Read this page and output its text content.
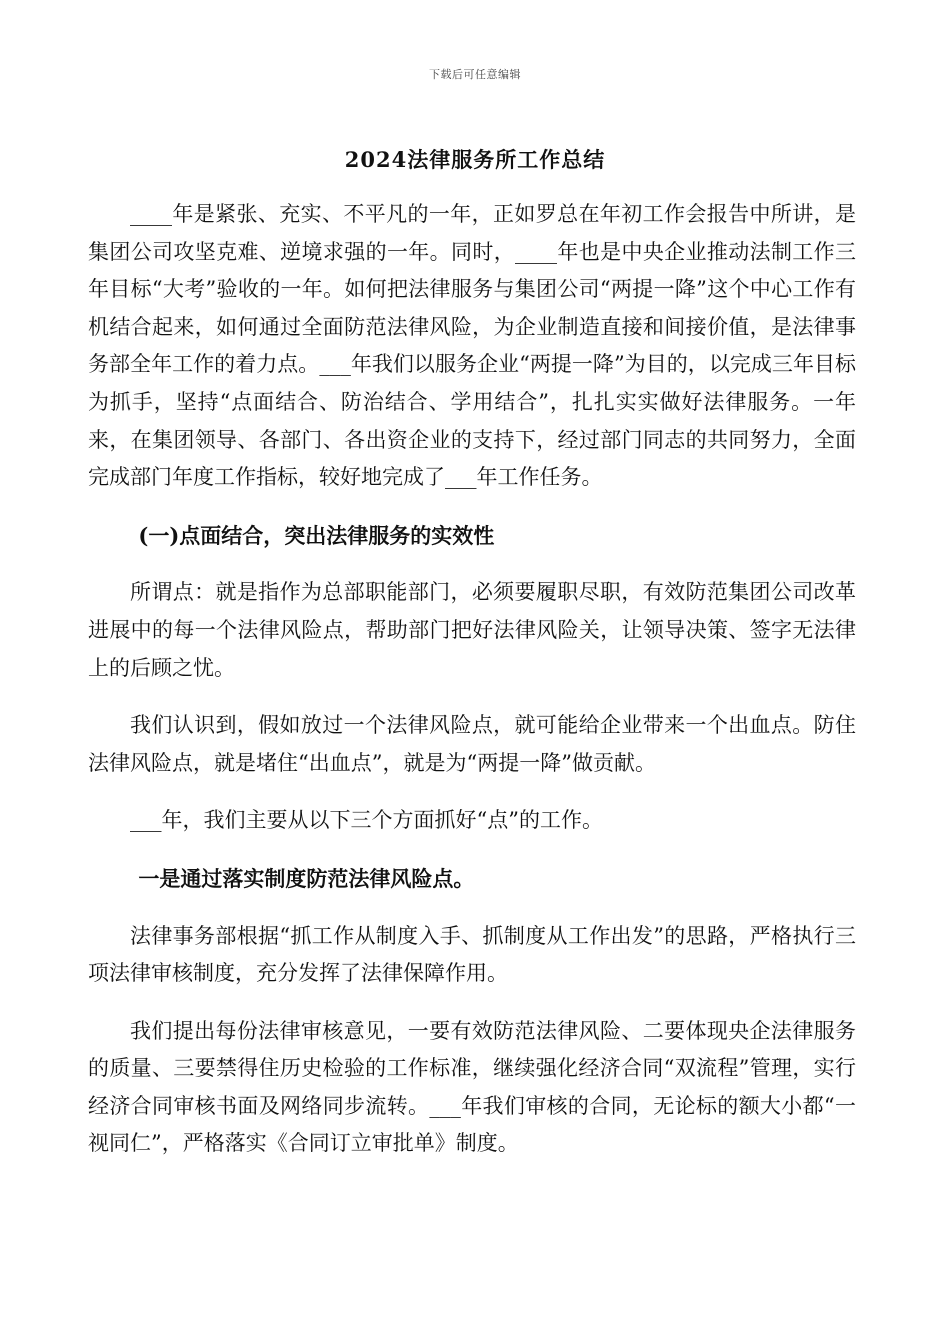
下载后可任意编辑
2024法律服务所工作总结

____年是紧张、充实、不平凡的一年，正如罗总在年初工作会报告中所讲，是集团公司攻坚克难、逆境求强的一年。同时，____年也是中央企业推动法制工作三年目标“大考”验收的一年。如何把法律服务与集团公司“两提一降”这个中心工作有机结合起来，如何通过全面防范法律风险，为企业制造直接和间接价值，是法律事务部全年工作的着力点。___年我们以服务企业“两提一降”为目的，以完成三年目标为抓手，坚持“点面结合、防治结合、学用结合”，扎扎实实做好法律服务。一年来，在集团领导、各部门、各出资企业的支持下，经过部门同志的共同努力，全面完成部门年度工作指标，较好地完成了___年工作任务。

(一)点面结合，突出法律服务的实效性

所谓点：就是指作为总部职能部门，必须要履职尽职，有效防范集团公司改革进展中的每一个法律风险点，帮助部门把好法律风险关，让领导决策、签字无法律上的后顾之忧。

我们认识到，假如放过一个法律风险点，就可能给企业带来一个出血点。防住法律风险点，就是堵住“出血点”，就是为“两提一降”做贡献。

___年，我们主要从以下三个方面抓好“点”的工作。

一是通过落实制度防范法律风险点。

法律事务部根据“抓工作从制度入手、抓制度从工作出发”的思路，严格执行三项法律审核制度，充分发挥了法律保障作用。

我们提出每份法律审核意见，一要有效防范法律风险、二要体现央企法律服务的质量、三要禁得住历史检验的工作标准，继续强化经济合同“双流程”管理，实行经济合同审核书面及网络同步流转。___年我们审核的合同，无论标的额大小都“一视同仁”，严格落实《合同订立审批单》制度。
